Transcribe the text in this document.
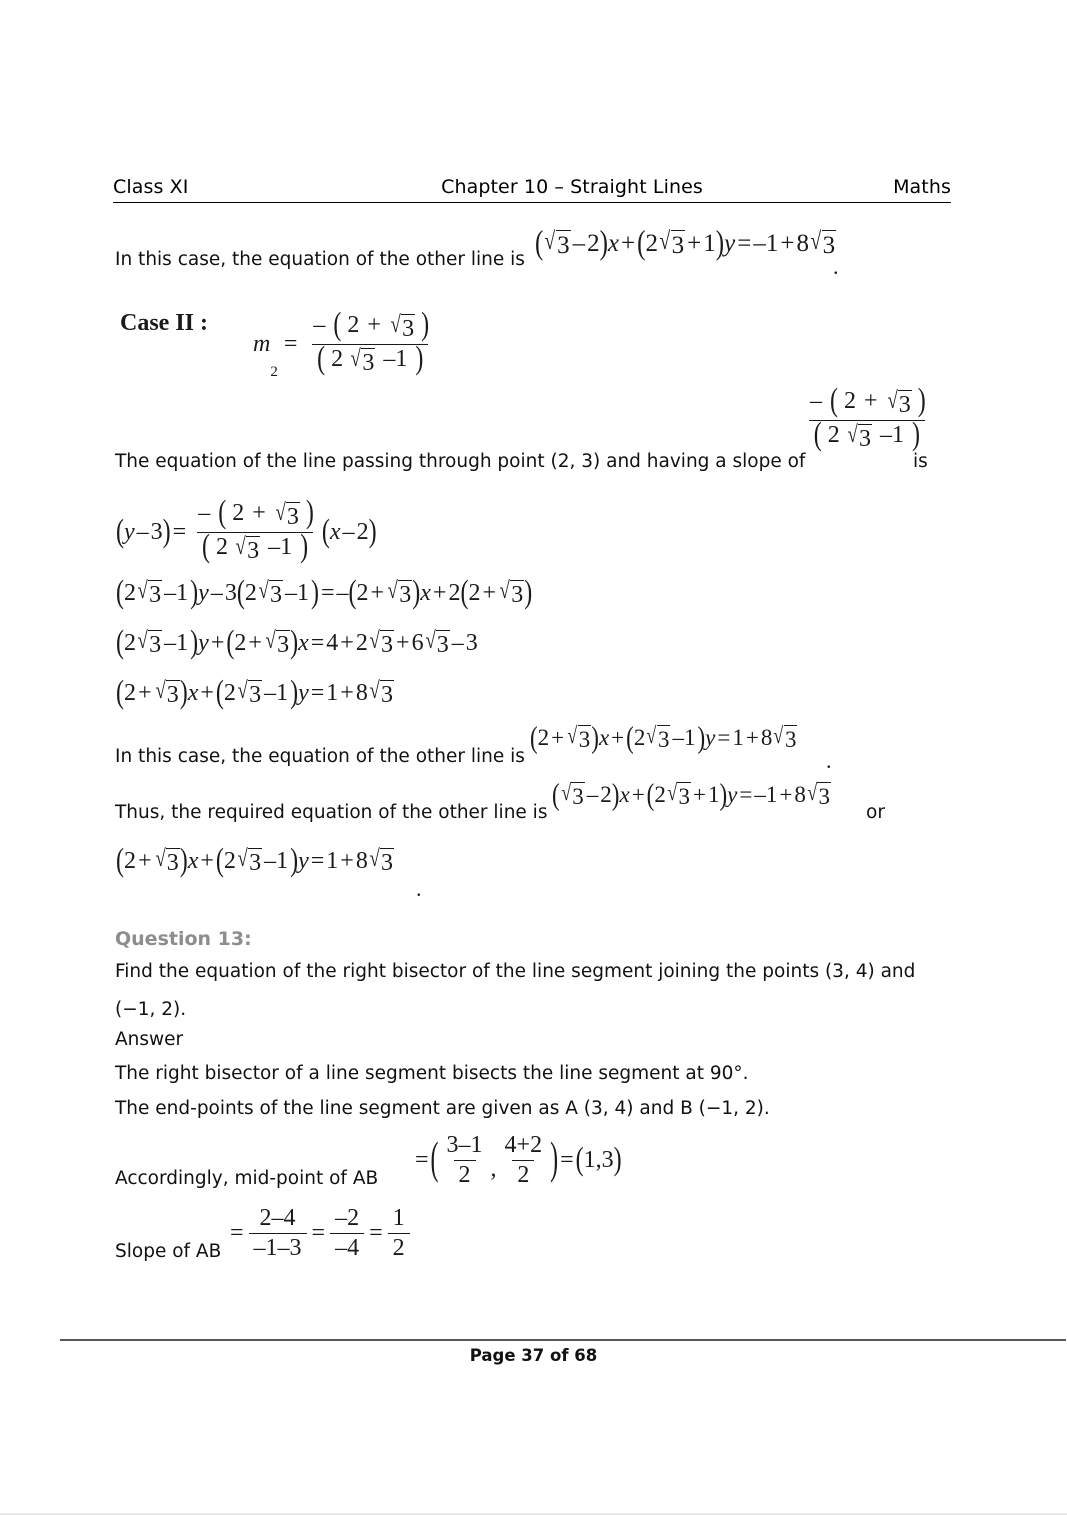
Class XI	Chapter 10 – Straight Lines	Maths
In this case, the equation of the other line is ( √ 3 – 2 ) x + ( 2 √ 3 + 1 ) y = –1 + 8 √ 3
.
Case II :
m
2
= $\frac{- ( 2 + √ 3 )}{( 2 √ 3 -1 )}$
The equation of the line passing through point (2, 3) and having a slope of
$\frac{- ( 2 + √ 3 )}{( 2 √ 3 -1 )}$
is
( y – 3 ) = $\frac{- ( 2 + √ 3 )}{( 2 √ 3 -1 )}$ ( x – 2 )
( 2 √ 3 –1 ) y – 3 ( 2 √ 3 –1 ) = – ( 2 + √ 3 ) x + 2 ( 2 + √ 3 )
( 2 √ 3 –1 ) y + ( 2 + √ 3 ) x = 4 + 2 √ 3 + 6 √ 3 – 3
( 2 + √ 3 ) x + ( 2 √ 3 –1 ) y = 1 + 8 √ 3
In this case, the equation of the other line is
( 2 + √ 3 ) x + ( 2 √ 3 –1 ) y = 1 + 8 √ 3
.
Thus, the required equation of the other line is
( √ 3 – 2 ) x + ( 2 √ 3 + 1 ) y = –1 + 8 √ 3
or
( 2 + √ 3 ) x + ( 2 √ 3 –1 ) y = 1 + 8 √ 3
.
Question 13:
Find the equation of the right bisector of the line segment joining the points (3, 4) and
(−1, 2).
Answer
The right bisector of a line segment bisects the line segment at 90°.
The end-points of the line segment are given as A (3, 4) and B (−1, 2).
Accordingly, mid-point of AB
= ( $\frac{3-1}{2}$ , $\frac{4+2}{2}$ ) = ( 1,3 )
Slope of AB
= $\frac{2-4}{-1-3} = \frac{-2}{-4} = \frac{1}{2}$
Page 37 of 68
